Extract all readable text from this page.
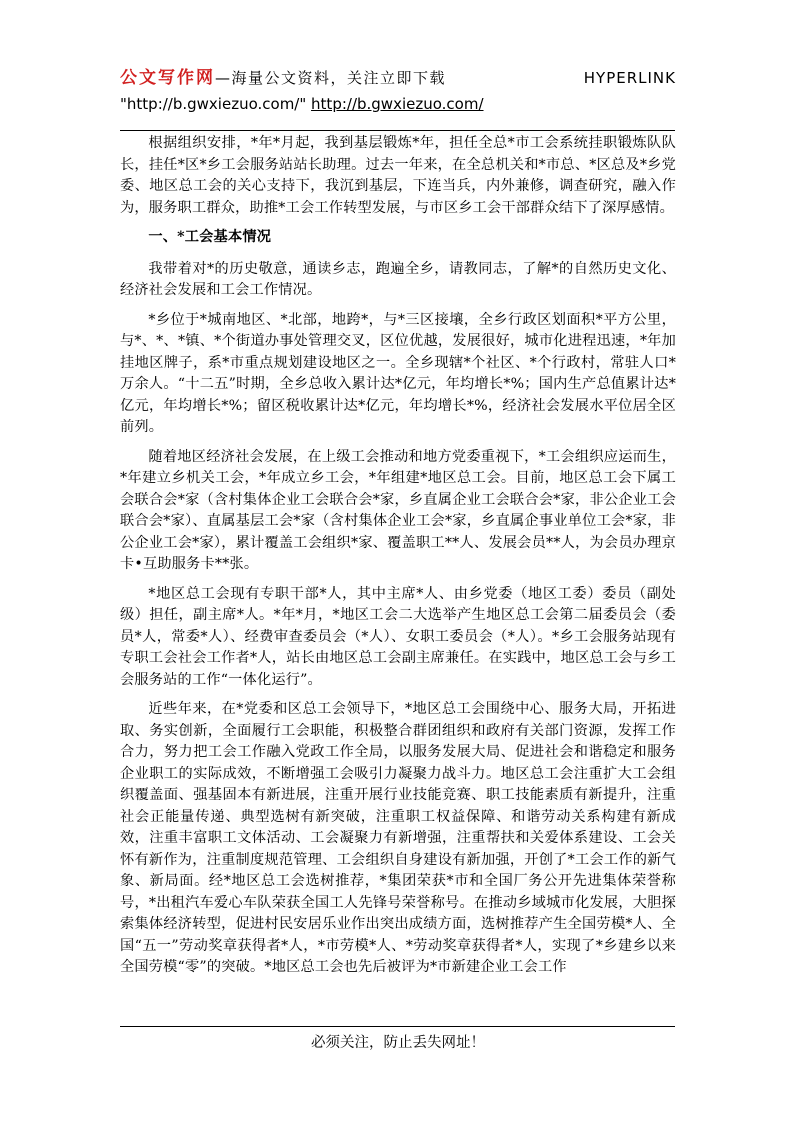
公文写作网—海量公文资料，关注立即下载	HYPERLINK
"http://b.gwxiezuo.com/" http://b.gwxiezuo.com/

根据组织安排，*年*月起，我到基层锻炼*年，担任全总*市工会系统挂职锻炼队队长，挂任*区*乡工会服务站站长助理。过去一年来，在全总机关和*市总、*区总及*乡党委、地区总工会的关心支持下，我沉到基层，下连当兵，内外兼修，调查研究，融入作为，服务职工群众，助推*工会工作转型发展，与市区乡工会干部群众结下了深厚感情。

一、*工会基本情况

我带着对*的历史敬意，通读乡志，跑遍全乡，请教同志，了解*的自然历史文化、经济社会发展和工会工作情况。

*乡位于*城南地区、*北部，地跨*，与*三区接壤，全乡行政区划面积*平方公里，与*、*、*镇、*个街道办事处管理交叉，区位优越，发展很好，城市化进程迅速，*年加挂地区牌子，系*市重点规划建设地区之一。全乡现辖*个社区、*个行政村，常驻人口*万余人。“十二五”时期，全乡总收入累计达*亿元，年均增长*%；国内生产总值累计达*亿元，年均增长*%；留区税收累计达*亿元，年均增长*%，经济社会发展水平位居全区前列。

随着地区经济社会发展，在上级工会推动和地方党委重视下，*工会组织应运而生，*年建立乡机关工会，*年成立乡工会，*年组建*地区总工会。目前，地区总工会下属工会联合会*家（含村集体企业工会联合会*家，乡直属企业工会联合会*家，非公企业工会联合会*家）、直属基层工会*家（含村集体企业工会*家，乡直属企事业单位工会*家，非公企业工会*家），累计覆盖工会组织*家、覆盖职工**人、发展会员**人，为会员办理京卡•互助服务卡**张。

*地区总工会现有专职干部*人，其中主席*人、由乡党委（地区工委）委员（副处级）担任，副主席*人。*年*月，*地区工会二大选举产生地区总工会第二届委员会（委员*人，常委*人）、经费审查委员会（*人）、女职工委员会（*人）。*乡工会服务站现有专职工会社会工作者*人，站长由地区总工会副主席兼任。在实践中，地区总工会与乡工会服务站的工作“一体化运行”。

近些年来，在*党委和区总工会领导下，*地区总工会围绕中心、服务大局，开拓进取、务实创新，全面履行工会职能，积极整合群团组织和政府有关部门资源，发挥工作合力，努力把工会工作融入党政工作全局，以服务发展大局、促进社会和谐稳定和服务企业职工的实际成效，不断增强工会吸引力凝聚力战斗力。地区总工会注重扩大工会组织覆盖面、强基固本有新进展，注重开展行业技能竞赛、职工技能素质有新提升，注重社会正能量传递、典型选树有新突破，注重职工权益保障、和谐劳动关系构建有新成效，注重丰富职工文体活动、工会凝聚力有新增强，注重帮扶和关爱体系建设、工会关怀有新作为，注重制度规范管理、工会组织自身建设有新加强，开创了*工会工作的新气象、新局面。经*地区总工会选树推荐，*集团荣获*市和全国厂务公开先进集体荣誉称号，*出租汽车爱心车队荣获全国工人先锋号荣誉称号。在推动乡域城市化发展，大胆探索集体经济转型，促进村民安居乐业作出突出成绩方面，选树推荐产生全国劳模*人、全国“五一”劳动奖章获得者*人，*市劳模*人、*劳动奖章获得者*人，实现了*乡建乡以来全国劳模“零”的突破。*地区总工会也先后被评为*市新建企业工会工作

必须关注，防止丢失网址！
